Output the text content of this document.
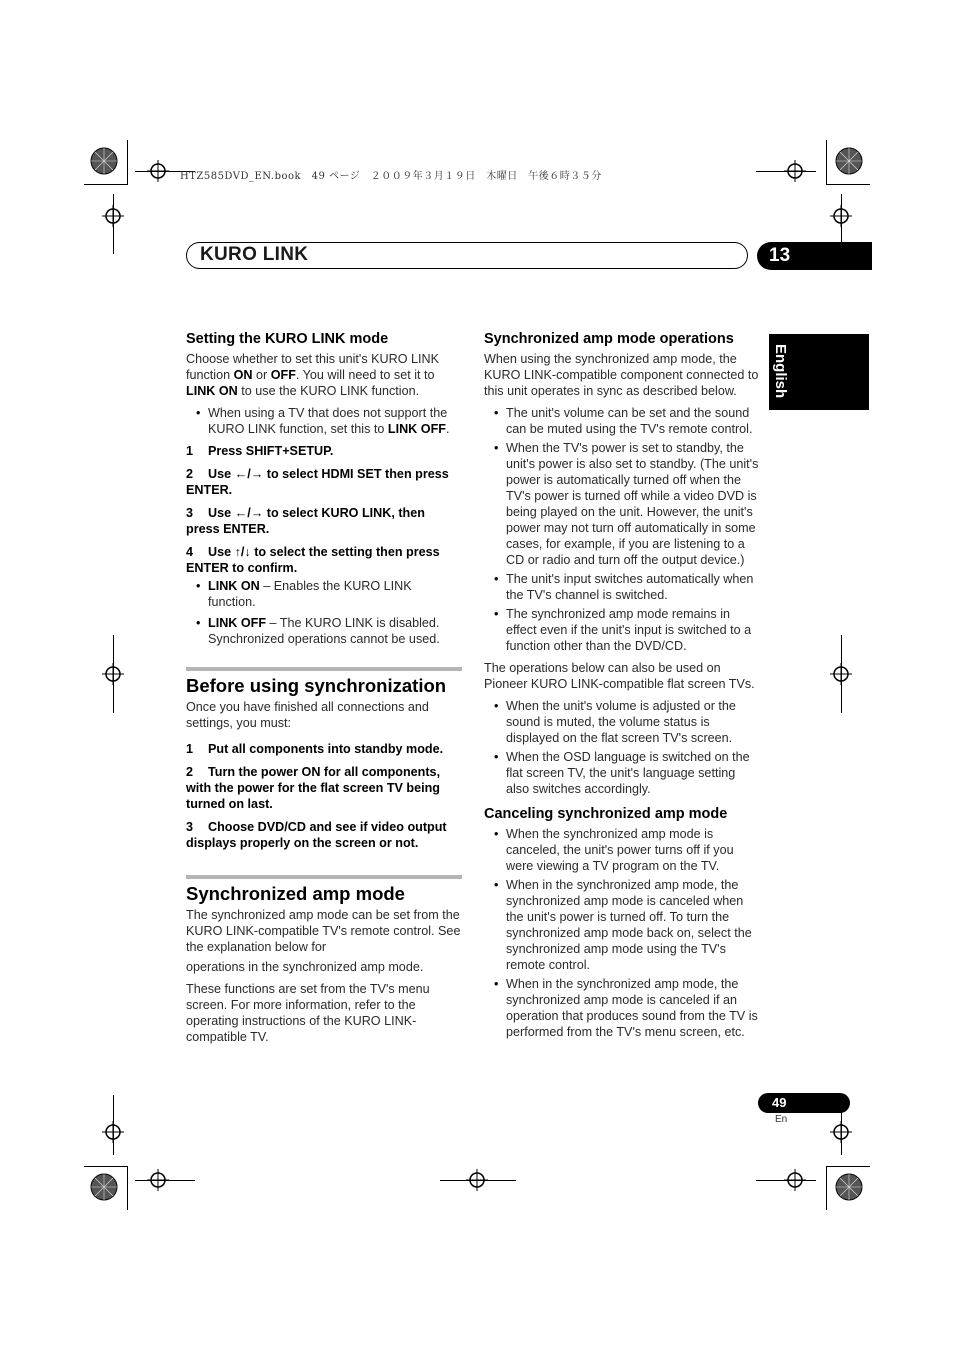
HTZ585DVD_EN.book　49 ページ　２００９年３月１９日　木曜日　午後６時３５分
KURO LINK	13
English
Setting the KURO LINK mode

Choose whether to set this unit's KURO LINK function ON or OFF. You will need to set it to LINK ON to use the KURO LINK function.

• When using a TV that does not support the KURO LINK function, set this to LINK OFF.
1 Press SHIFT+SETUP.
2 Use ←/→ to select HDMI SET then press ENTER.
3 Use ←/→ to select KURO LINK, then press ENTER.
4 Use ↑/↓ to select the setting then press ENTER to confirm.
• LINK ON – Enables the KURO LINK function.
• LINK OFF – The KURO LINK is disabled. Synchronized operations cannot be used.
Before using synchronization

Once you have finished all connections and settings, you must:

1 Put all components into standby mode.
2 Turn the power ON for all components, with the power for the flat screen TV being turned on last.
3 Choose DVD/CD and see if video output displays properly on the screen or not.
Synchronized amp mode

The synchronized amp mode can be set from the KURO LINK-compatible TV's remote control. See the explanation below for

operations in the synchronized amp mode.

These functions are set from the TV's menu screen. For more information, refer to the operating instructions of the KURO LINK-compatible TV.

Synchronized amp mode operations

When using the synchronized amp mode, the KURO LINK-compatible component connected to this unit operates in sync as described below.

• The unit's volume can be set and the sound can be muted using the TV's remote control.
• When the TV's power is set to standby, the unit's power is also set to standby. (The unit's power is automatically turned off when the TV's power is turned off while a video DVD is being played on the unit. However, the unit's power may not turn off automatically in some cases, for example, if you are listening to a CD or radio and turn off the output device.)
• The unit's input switches automatically when the TV's channel is switched.
• The synchronized amp mode remains in effect even if the unit's input is switched to a function other than the DVD/CD.

The operations below can also be used on Pioneer KURO LINK-compatible flat screen TVs.

• When the unit's volume is adjusted or the sound is muted, the volume status is displayed on the flat screen TV's screen.
• When the OSD language is switched on the flat screen TV, the unit's language setting also switches accordingly.
Canceling synchronized amp mode
• When the synchronized amp mode is canceled, the unit's power turns off if you were viewing a TV program on the TV.
• When in the synchronized amp mode, the synchronized amp mode is canceled when the unit's power is turned off. To turn the synchronized amp mode back on, select the synchronized amp mode using the TV's remote control.
• When in the synchronized amp mode, the synchronized amp mode is canceled if an operation that produces sound from the TV is performed from the TV's menu screen, etc.
49
En
